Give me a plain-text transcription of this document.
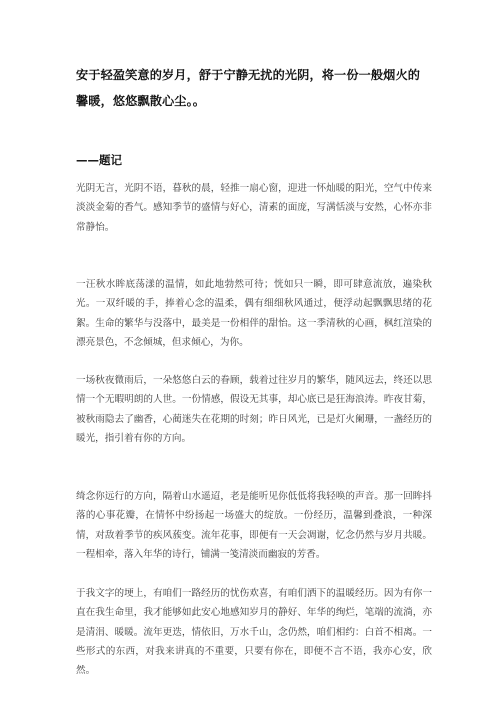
安于轻盈笑意的岁月，舒于宁静无扰的光阴，将一份一般烟火的馨暖，悠悠飘散心尘。。
——题记

光阴无言，光阴不语，暮秋的晨，轻推一扇心窗，迎进一怀灿暖的阳光，空气中传来淡淡金菊的香气。感知季节的盛情与好心，清素的面庞，写满恬淡与安然，心怀亦非常静怡。

一汪秋水眸底荡漾的温情，如此地勃然可待；恍如只一瞬，即可肆意流放，遍染秋光。一双纤暖的手，捧着心念的温柔，偶有细细秋风通过，便浮动起飘飘思绪的花絮。生命的繁华与没落中，最美是一份相伴的甜怡。这一季清秋的心画，枫红渲染的漂亮景色，不念倾城，但求倾心，为你。

一场秋夜微雨后，一朵悠悠白云的眷顾，载着过往岁月的繁华，随风远去，终还以思情一个无暇明朗的人世。一份情感，假设无其事，却心底已是狂海浪涛。昨夜甘菊，被秋雨隐去了幽香，心蔺迷失在花期的时刻；昨日风光，已是灯火阑珊，一盏经历的暖光，指引着有你的方向。

绮念你远行的方向，隔着山水遥迢，老是能听见你低低将我轻唤的声音。那一回眸抖落的心事花瓣，在情怀中纷扬起一场盛大的绽放。一份经历，温馨到叠浪，一种深情，对敌着季节的疾风蔟变。流年花事，即便有一天会凋谢，忆念仍然与岁月共暖。一程相牵，落入年华的诗行，铺满一笺清淡而幽寂的芳香。

于我文字的埂上，有咱们一路经历的忧伤欢喜，有咱们洒下的温暖经历。因为有你一直在我生命里，我才能够如此安心地感知岁月的静好、年华的绚烂，笔端的流淌，亦是清涓、暖暖。流年更迭，情依旧，万水千山，念仍然，咱们相约：白首不相离。一些形式的东西，对我来讲真的不重要，只要有你在，即便不言不语，我亦心安，欣然。
